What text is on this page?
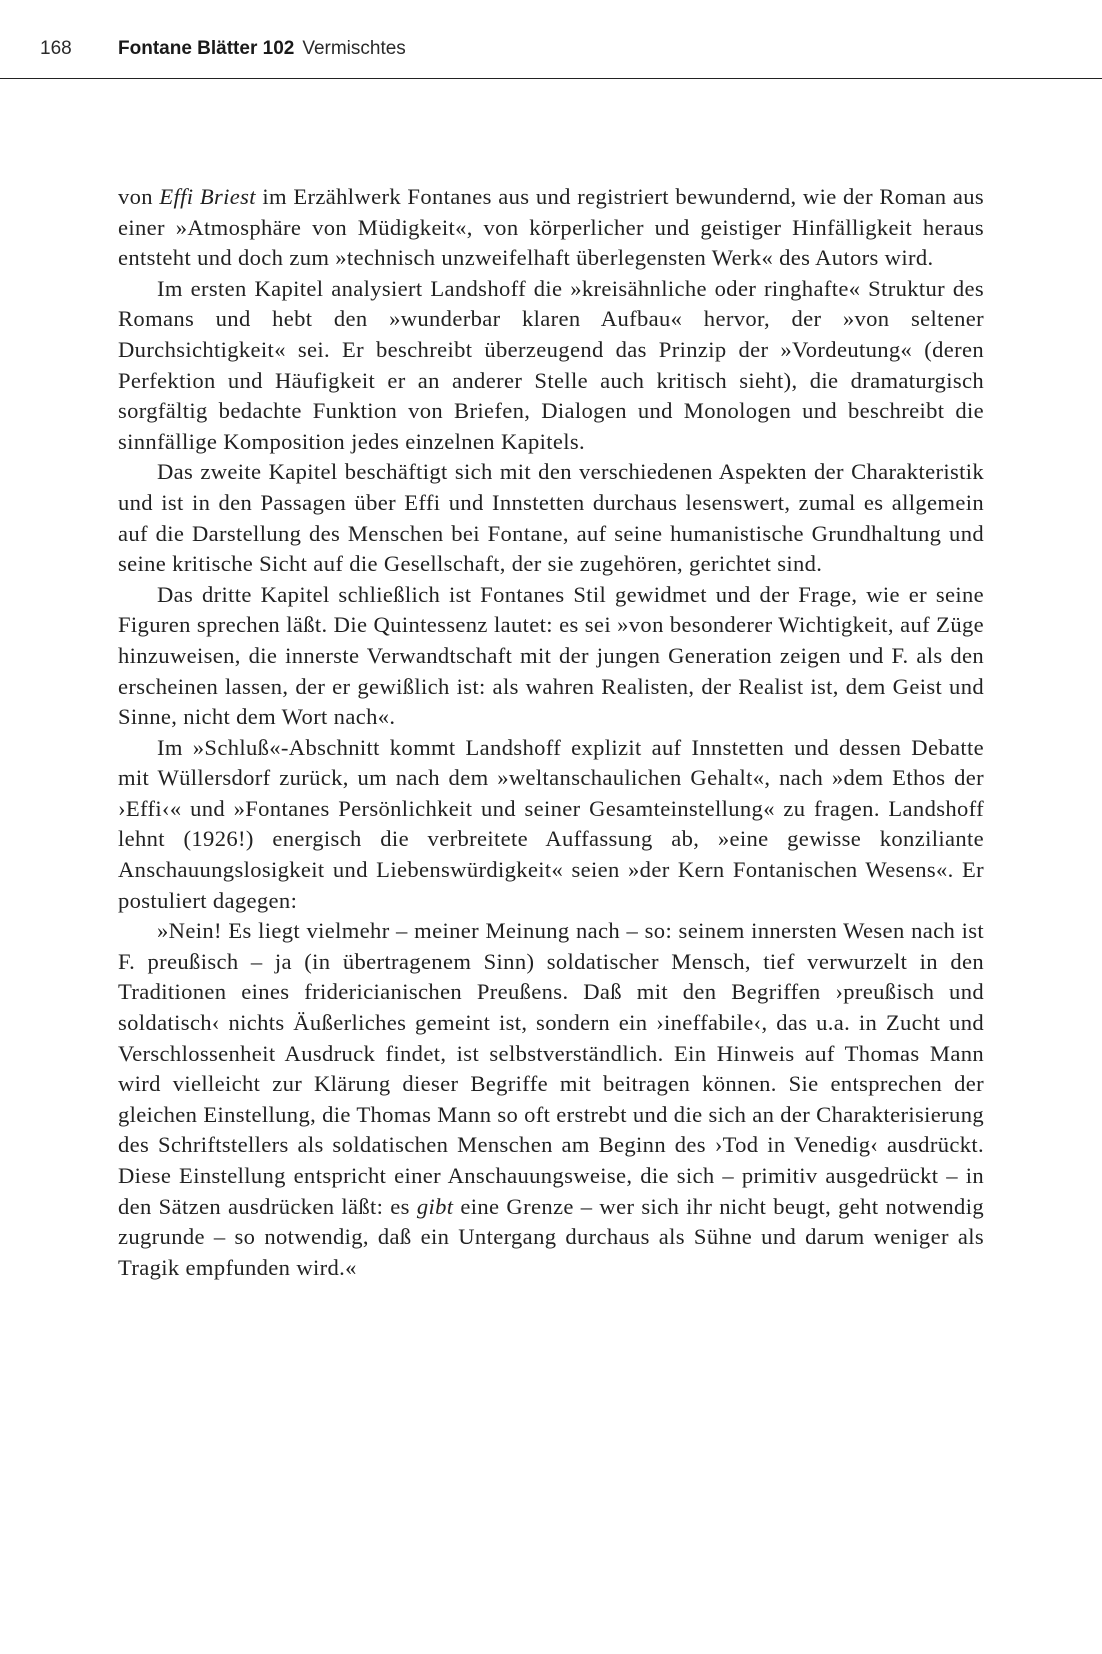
168 Fontane Blätter 102 Vermischtes

von Effi Briest im Erzählwerk Fontanes aus und registriert bewundernd, wie der Roman aus einer »Atmosphäre von Müdigkeit«, von körperlicher und geistiger Hinfälligkeit heraus entsteht und doch zum »technisch unzweifelhaft überlegensten Werk« des Autors wird.

Im ersten Kapitel analysiert Landshoff die »kreisähnliche oder ringhafte« Struktur des Romans und hebt den »wunderbar klaren Aufbau« hervor, der »von seltener Durchsichtigkeit« sei. Er beschreibt überzeugend das Prinzip der »Vordeutung« (deren Perfektion und Häufigkeit er an anderer Stelle auch kritisch sieht), die dramaturgisch sorgfältig bedachte Funktion von Briefen, Dialogen und Monologen und beschreibt die sinnfällige Komposition jedes einzelnen Kapitels.

Das zweite Kapitel beschäftigt sich mit den verschiedenen Aspekten der Charakteristik und ist in den Passagen über Effi und Innstetten durchaus lesenswert, zumal es allgemein auf die Darstellung des Menschen bei Fontane, auf seine humanistische Grundhaltung und seine kritische Sicht auf die Gesellschaft, der sie zugehören, gerichtet sind.

Das dritte Kapitel schließlich ist Fontanes Stil gewidmet und der Frage, wie er seine Figuren sprechen läßt. Die Quintessenz lautet: es sei »von besonderer Wichtigkeit, auf Züge hinzuweisen, die innerste Verwandtschaft mit der jungen Generation zeigen und F. als den erscheinen lassen, der er gewißlich ist: als wahren Realisten, der Realist ist, dem Geist und Sinne, nicht dem Wort nach«.

Im »Schluß«-Abschnitt kommt Landshoff explizit auf Innstetten und dessen Debatte mit Wüllersdorf zurück, um nach dem »weltanschaulichen Gehalt«, nach »dem Ethos der ›Effi‹« und »Fontanes Persönlichkeit und seiner Gesamteinstellung« zu fragen. Landshoff lehnt (1926!) energisch die verbreitete Auffassung ab, »eine gewisse konziliante Anschauungslosigkeit und Liebenswürdigkeit« seien »der Kern Fontanischen Wesens«. Er postuliert dagegen:

»Nein! Es liegt vielmehr – meiner Meinung nach – so: seinem innersten Wesen nach ist F. preußisch – ja (in übertragenem Sinn) soldatischer Mensch, tief verwurzelt in den Traditionen eines fridericianischen Preußens. Daß mit den Begriffen ›preußisch und soldatisch‹ nichts Äußerliches gemeint ist, sondern ein ›ineffabile‹, das u.a. in Zucht und Verschlossenheit Ausdruck findet, ist selbstverständlich. Ein Hinweis auf Thomas Mann wird vielleicht zur Klärung dieser Begriffe mit beitragen können. Sie entsprechen der gleichen Einstellung, die Thomas Mann so oft erstrebt und die sich an der Charakterisierung des Schriftstellers als soldatischen Menschen am Beginn des ›Tod in Venedig‹ ausdrückt. Diese Einstellung entspricht einer Anschauungsweise, die sich – primitiv ausgedrückt – in den Sätzen ausdrücken läßt: es gibt eine Grenze – wer sich ihr nicht beugt, geht notwendig zugrunde – so notwendig, daß ein Untergang durchaus als Sühne und darum weniger als Tragik empfunden wird.«
